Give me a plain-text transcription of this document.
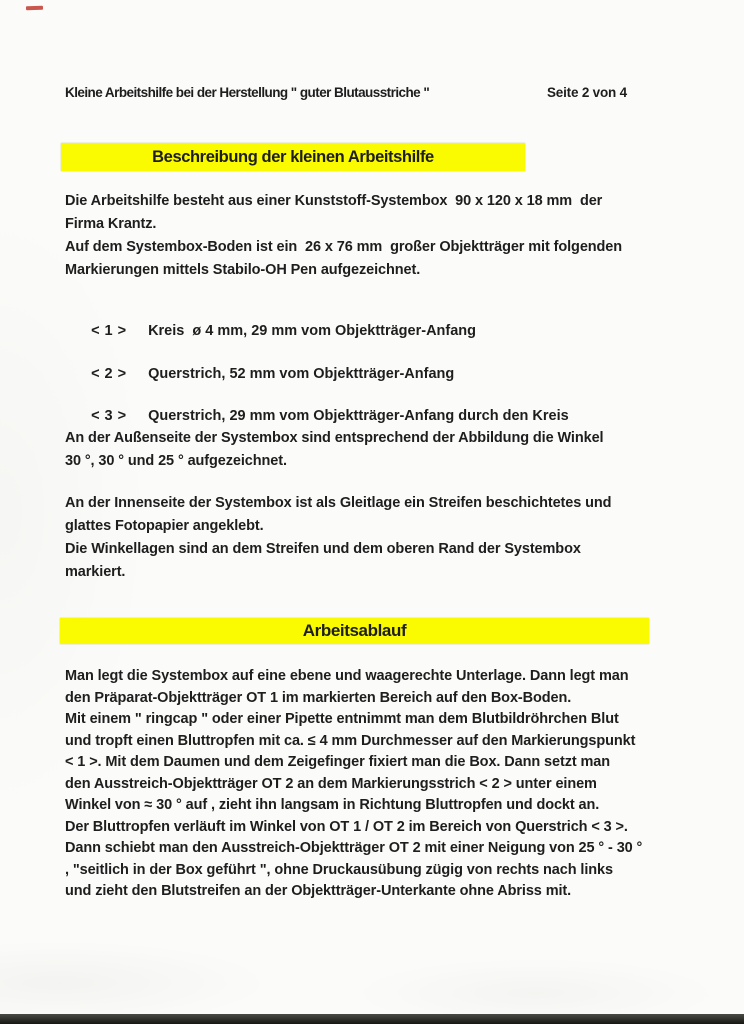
Kleine Arbeitshilfe bei der Herstellung " guter Blutausstriche "	Seite 2 von 4
Beschreibung der kleinen Arbeitshilfe
Die Arbeitshilfe besteht aus einer Kunststoff-Systembox  90 x 120 x 18 mm  der
Firma Krantz.
Auf dem Systembox-Boden ist ein  26 x 76 mm  großer Objektträger mit folgenden
Markierungen mittels Stabilo-OH Pen aufgezeichnet.

< 1 > Kreis  ø 4 mm, 29 mm vom Objektträger-Anfang

< 2 > Querstrich, 52 mm vom Objektträger-Anfang

< 3 > Querstrich, 29 mm vom Objektträger-Anfang durch den Kreis

An der Außenseite der Systembox sind entsprechend der Abbildung die Winkel
30 °, 30 ° und 25 ° aufgezeichnet.
An der Innenseite der Systembox ist als Gleitlage ein Streifen beschichtetes und
glattes Fotopapier angeklebt.
Die Winkellagen sind an dem Streifen und dem oberen Rand der Systembox
markiert.
Arbeitsablauf
Man legt die Systembox auf eine ebene und waagerechte Unterlage. Dann legt man
den Präparat-Objektträger OT 1 im markierten Bereich auf den Box-Boden.
Mit einem " ringcap " oder einer Pipette entnimmt man dem Blutbildröhrchen Blut
und tropft einen Bluttropfen mit ca. ≤ 4 mm Durchmesser auf den Markierungspunkt
< 1 >. Mit dem Daumen und dem Zeigefinger fixiert man die Box. Dann setzt man
den Ausstreich-Objektträger OT 2 an dem Markierungsstrich < 2 > unter einem
Winkel von ≈ 30 ° auf , zieht ihn langsam in Richtung Bluttropfen und dockt an.
Der Bluttropfen verläuft im Winkel von OT 1 / OT 2 im Bereich von Querstrich < 3 >.
Dann schiebt man den Ausstreich-Objektträger OT 2 mit einer Neigung von 25 ° - 30 °
, "seitlich in der Box geführt ", ohne Druckausübung zügig von rechts nach links
und zieht den Blutstreifen an der Objektträger-Unterkante ohne Abriss mit.
